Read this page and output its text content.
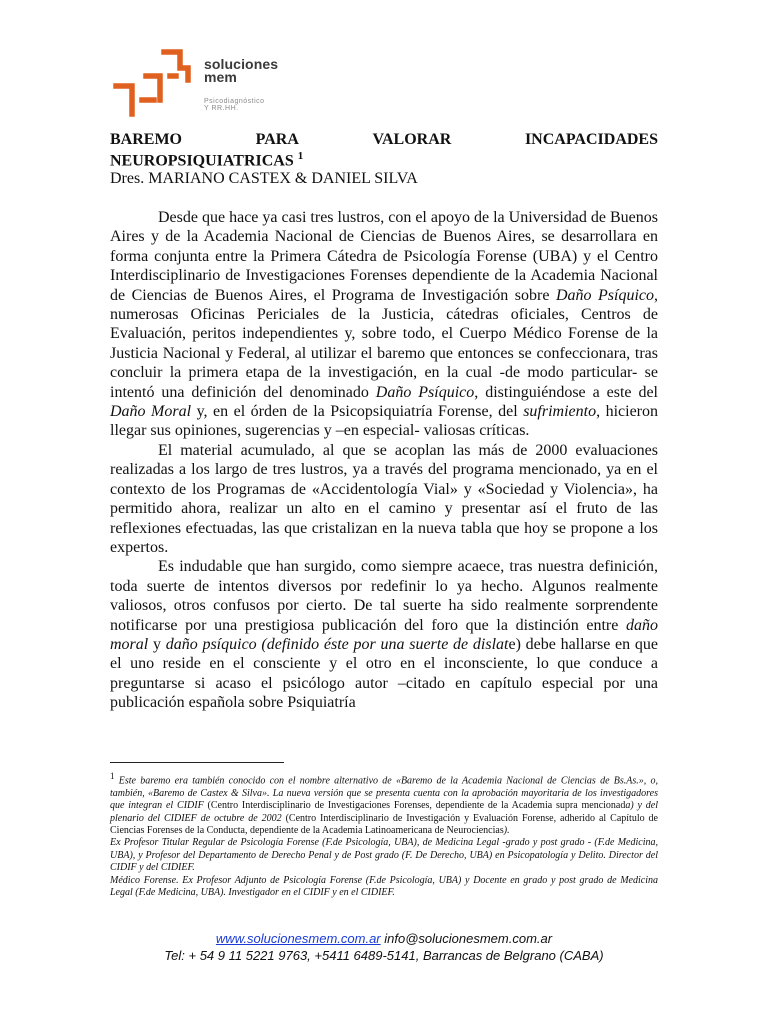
soluciones
mem
Psicodiagnóstico
Y RR.HH.
BAREMO	PARA	VALORAR	INCAPACIDADES
NEUROPSIQUIATRICAS $^1$
Dres. MARIANO CASTEX & DANIEL SILVA

Desde que hace ya casi tres lustros, con el apoyo de la Universidad de Buenos Aires y de la Academia Nacional de Ciencias de Buenos Aires, se desarrollara en forma conjunta entre la Primera Cátedra de Psicología Forense (UBA) y el Centro Interdisciplinario de Investigaciones Forenses dependiente de la Academia Nacional de Ciencias de Buenos Aires, el Programa de Investigación sobre Daño Psíquico, numerosas Oficinas Periciales de la Justicia, cátedras oficiales, Centros de Evaluación, peritos independientes y, sobre todo, el Cuerpo Médico Forense de la Justicia Nacional y Federal, al utilizar el baremo que entonces se confeccionara, tras concluir la primera etapa de la investigación, en la cual -de modo particular- se intentó una definición del denominado Daño Psíquico, distinguiéndose a este del Daño Moral y, en el órden de la Psicopsiquiatría Forense, del sufrimiento, hicieron llegar sus opiniones, sugerencias y –en especial- valiosas críticas.

El material acumulado, al que se acoplan las más de 2000 evaluaciones realizadas a los largo de tres lustros, ya a través del programa mencionado, ya en el contexto de los Programas de «Accidentología Vial» y «Sociedad y Violencia», ha permitido ahora, realizar un alto en el camino y presentar así el fruto de las reflexiones efectuadas, las que cristalizan en la nueva tabla que hoy se propone a los expertos.

Es indudable que han surgido, como siempre acaece, tras nuestra definición, toda suerte de intentos diversos por redefinir lo ya hecho. Algunos realmente valiosos, otros confusos por cierto. De tal suerte ha sido realmente sorprendente notificarse por una prestigiosa publicación del foro que la distinción entre daño moral y daño psíquico (definido éste por una suerte de dislate) debe hallarse en que el uno reside en el consciente y el otro en el inconsciente, lo que conduce a preguntarse si acaso el psicólogo autor –citado en capítulo especial por una publicación española sobre Psiquiatría

$^1$ Este baremo era también conocido con el nombre alternativo de «Baremo de la Academia Nacional de Ciencias de Bs.As.», o, también, «Baremo de Castex & Silva». La nueva versión que se presenta cuenta con la aprobación mayoritaria de los investigadores que integran el CIDIF (Centro Interdisciplinario de Investigaciones Forenses, dependiente de la Academia supra mencionada) y del plenario del CIDIEF de octubre de 2002 (Centro Interdisciplinario de Investigación y Evaluación Forense, adherido al Capítulo de Ciencias Forenses de la Conducta, dependiente de la Academia Latinoamericana de Neurociencias).

Ex Profesor Titular Regular de Psicología Forense (F.de Psicología, UBA), de Medicina Legal -grado y post grado - (F.de Medicina, UBA), y Profesor del Departamento de Derecho Penal y de Post grado (F. De Derecho, UBA) en Psicopatología y Delito. Director del CIDIF y del CIDIEF.

Médico Forense. Ex Profesor Adjunto de Psicología Forense (F.de Psicología, UBA) y Docente en grado y post grado de Medicina Legal (F.de Medicina, UBA). Investigador en el CIDIF y en el CIDIEF.

www.solucionesmem.com.ar info@solucionesmem.com.ar
Tel: + 54 9 11 5221 9763, +5411 6489-5141, Barrancas de Belgrano (CABA)
